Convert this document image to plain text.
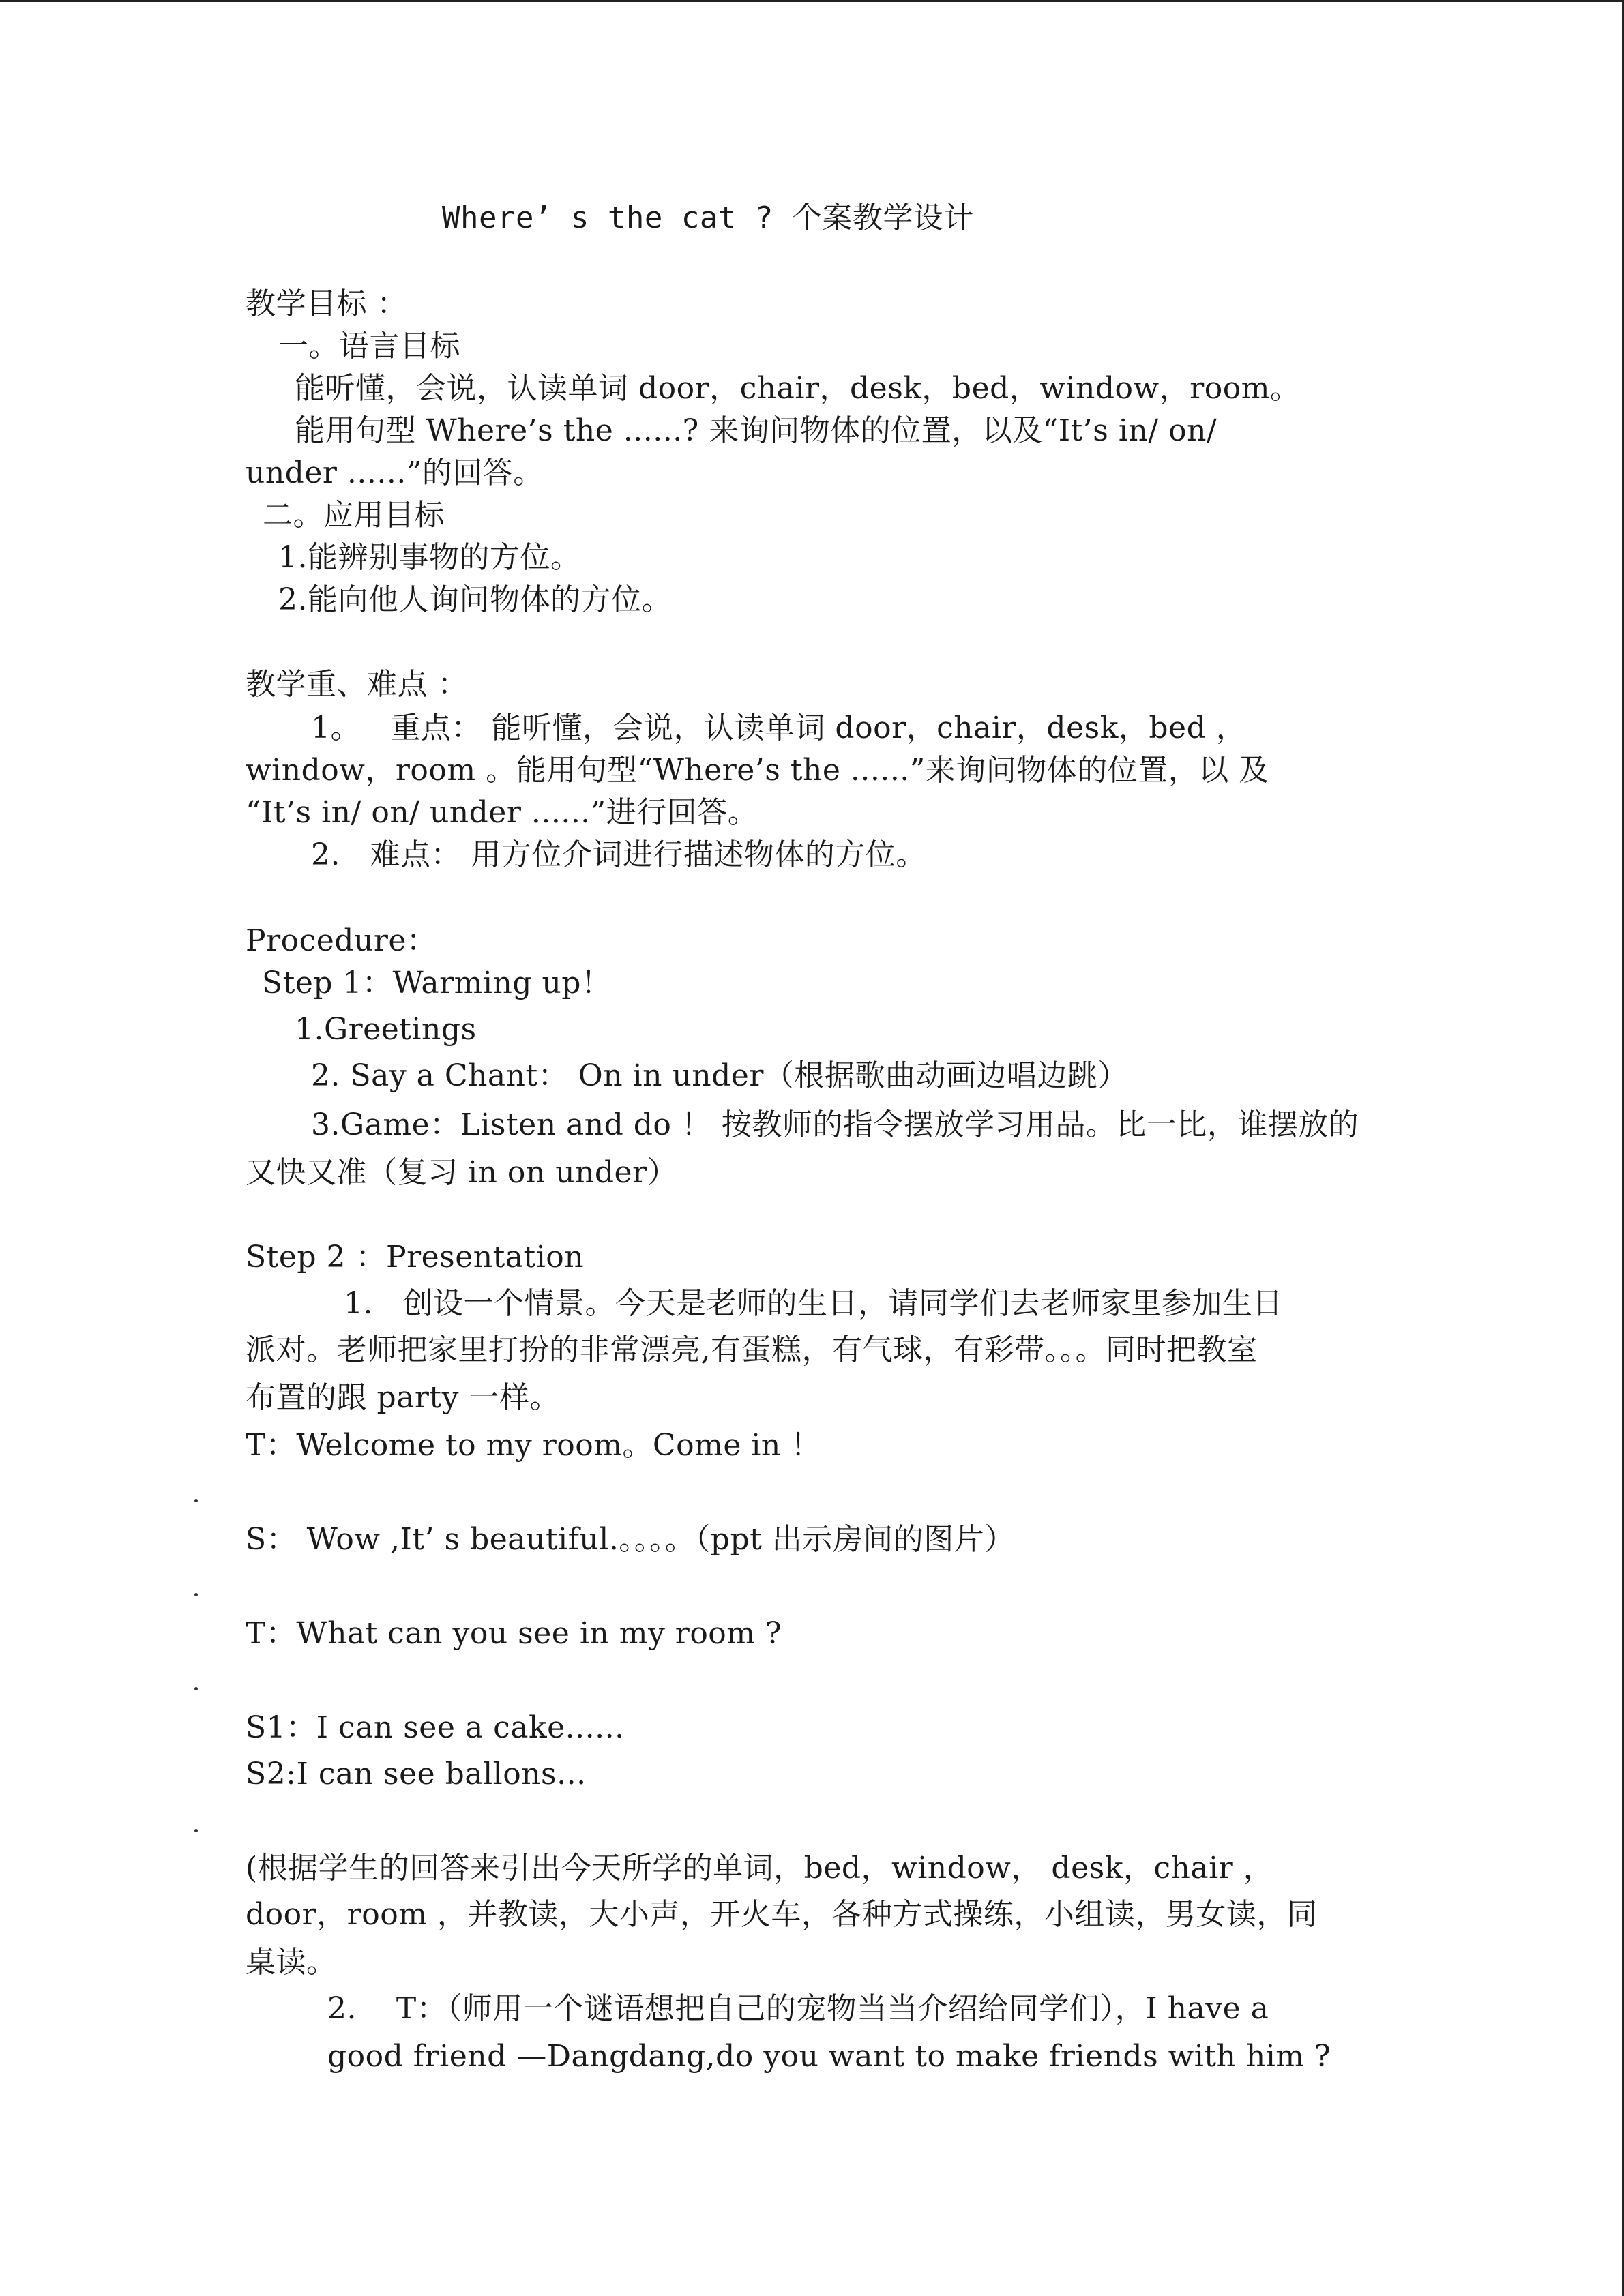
Where’ s the cat ? 个案教学设计
教学目标 ：
一。语言目标
能听懂，会说，认读单词 door，chair，desk，bed，window，room。
能用句型 Where’s the ......? 来询问物体的位置，以及“It’s in/ on/
under ......”的回答。
二。应用目标
1.能辨别事物的方位。
2.能向他人询问物体的方位。
教学重、难点 ：
1。   重点： 能听懂，会说，认读单词 door，chair，desk，bed ，
window，room 。能用句型“Where’s the ......”来询问物体的位置，以 及
“It’s in/ on/ under ......”进行回答。
2.   难点： 用方位介词进行描述物体的方位。
Procedure：
Step 1：Warming up！
1.Greetings
2. Say a Chant： On in under（根据歌曲动画边唱边跳）
3.Game：Listen and do ！ 按教师的指令摆放学习用品。比一比，谁摆放的
又快又准（复习 in on under）
Step 2 ：Presentation
1.   创设一个情景。今天是老师的生日，请同学们去老师家里参加生日
派对。老师把家里打扮的非常漂亮,有蛋糕，有气球，有彩带。。。同时把教室
布置的跟 party 一样。
T：Welcome to my room。Come in ！
S： Wow ,It’ s beautiful.。。。。（ppt 出示房间的图片）
T：What can you see in my room ?
S1：I can see a cake......
S2:I can see ballons...
(根据学生的回答来引出今天所学的单词，bed，window， desk，chair ，
door，room ，并教读，大小声，开火车，各种方式操练，小组读，男女读，同
桌读。
2.    T：（师用一个谜语想把自己的宠物当当介绍给同学们），I have a
good friend —Dangdang,do you want to make friends with him ?
